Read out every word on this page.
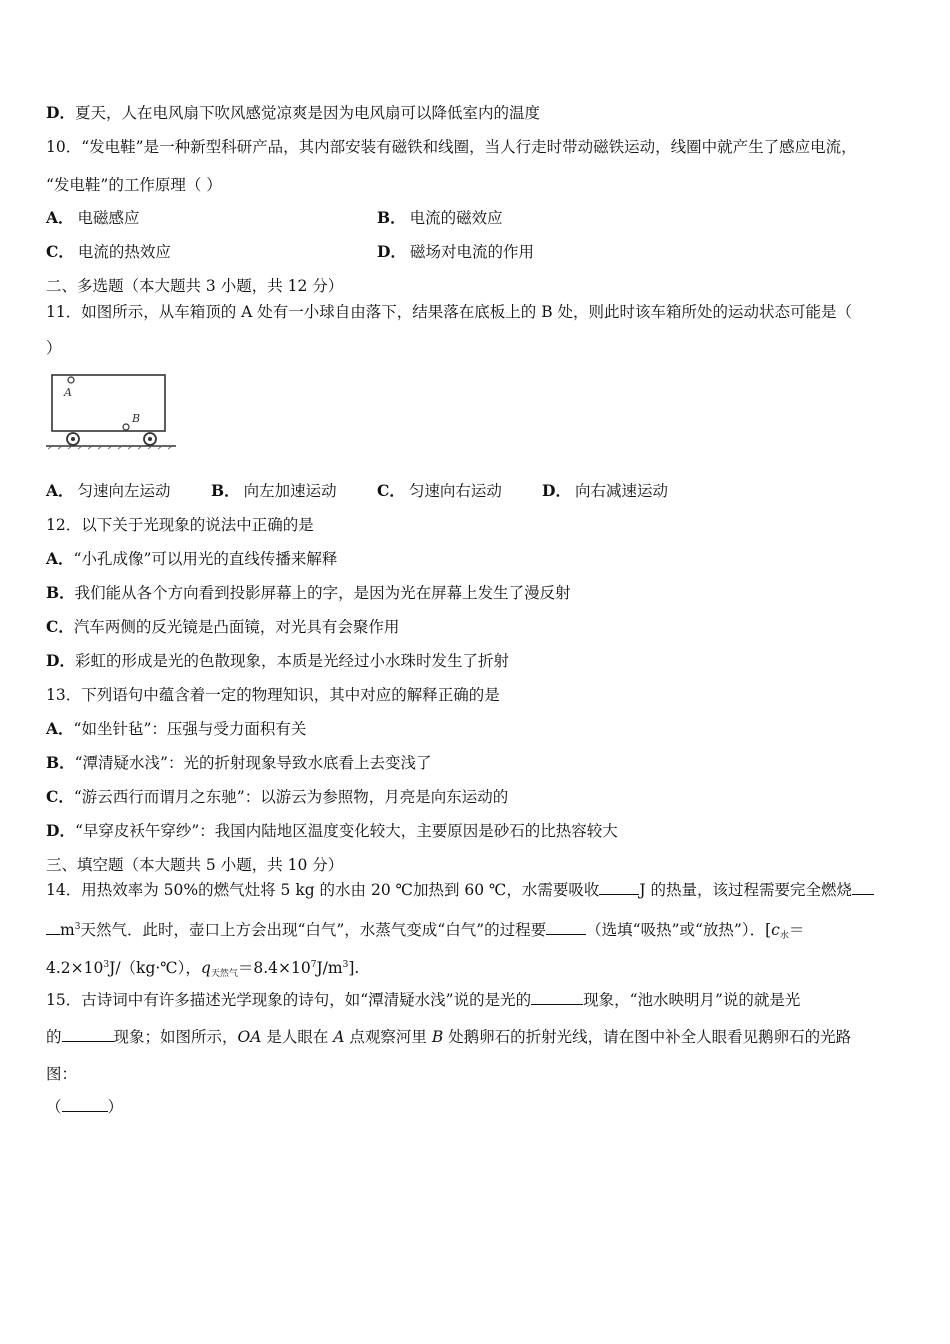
D．夏天，人在电风扇下吹风感觉凉爽是因为电风扇可以降低室内的温度
10．“发电鞋”是一种新型科研产品，其内部安装有磁铁和线圈，当人行走时带动磁铁运动，线圈中就产生了感应电流，
“发电鞋”的工作原理（ ）
A． 电磁感应	B． 电流的磁效应
C． 电流的热效应	D． 磁场对电流的作用
二、多选题（本大题共 3 小题，共 12 分）
11．如图所示，从车箱顶的 A 处有一小球自由落下，结果落在底板上的 B 处，则此时该车箱所处的运动状态可能是（
）
A
B
A． 匀速向左运动	B． 向左加速运动	C． 匀速向右运动	D． 向右减速运动
12．以下关于光现象的说法中正确的是
A．“小孔成像”可以用光的直线传播来解释
B．我们能从各个方向看到投影屏幕上的字，是因为光在屏幕上发生了漫反射
C．汽车两侧的反光镜是凸面镜，对光具有会聚作用
D．彩虹的形成是光的色散现象，本质是光经过小水珠时发生了折射
13．下列语句中蕴含着一定的物理知识，其中对应的解释正确的是
A．“如坐针毡”：压强与受力面积有关
B．“潭清疑水浅”：光的折射现象导致水底看上去变浅了
C．“游云西行而谓月之东驰”：以游云为参照物，月亮是向东运动的
D．“早穿皮袄午穿纱”：我国内陆地区温度变化较大，主要原因是砂石的比热容较大
三、填空题（本大题共 5 小题，共 10 分）
14．用热效率为 50%的燃气灶将 5 kg 的水由 20 ℃加热到 60 ℃，水需要吸收	J 的热量，该过程需要完全燃烧
$m^3$天然气．此时，壶口上方会出现“白气”，水蒸气变成“白气”的过程要	（选填“吸热”或“放热”）．[$c_水=$
$4.2\times 10^3J/(kg\cdot℃)$，$q_{天然气}=8.4\times 10^7J/m^3$].
15．古诗词中有许多描述光学现象的诗句，如“潭清疑水浅”说的是光的	现象，“池水映明月”说的就是光
的	现象；如图所示，OA 是人眼在 A 点观察河里 B 处鹅卵石的折射光线，请在图中补全人眼看见鹅卵石的光路
图：
（	）
